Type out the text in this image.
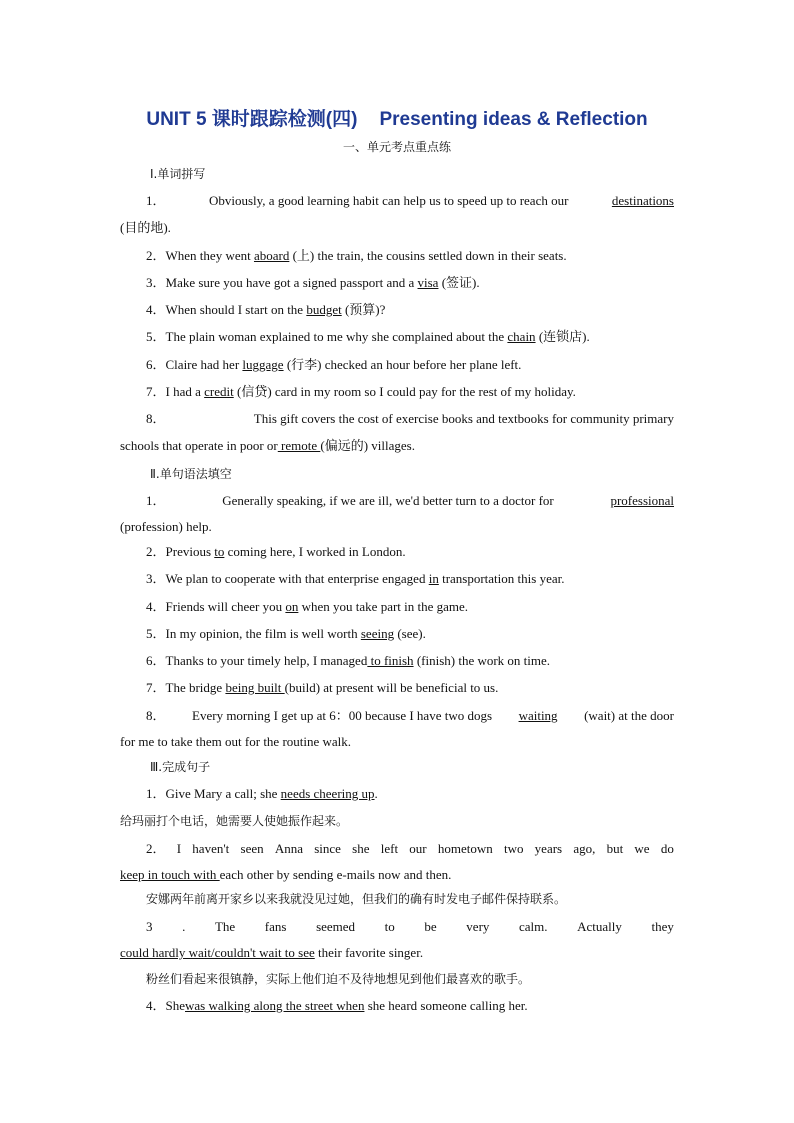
UNIT 5 课时跟踪检测(四) Presenting ideas & Reflection
一、单元考点重点练
Ⅰ.单词拼写
1．	Obviously, a good learning habit can help us to speed up to reach our	destinations
(目的地).
2．When they went aboard (上) the train, the cousins settled down in their seats.
3．Make sure you have got a signed passport and a visa (签证).
4．When should I start on the budget (预算)?
5．The plain woman explained to me why she complained about the chain (连锁店).
6．Claire had her luggage (行李) checked an hour before her plane left.
7．I had a credit (信贷) card in my room so I could pay for the rest of my holiday.
8．	This gift covers the cost of exercise books and textbooks for community primary
schools that operate in poor or remote (偏远的) villages.
Ⅱ.单句语法填空
1．	Generally speaking, if we are ill, we'd better turn to a doctor for	professional
(profession) help.
2．Previous to coming here, I worked in London.
3．We plan to cooperate with that enterprise engaged in transportation this year.
4．Friends will cheer you on when you take part in the game.
5．In my opinion, the film is well worth seeing (see).
6．Thanks to your timely help, I managed to finish (finish) the work on time.
7．The bridge being built (build) at present will be beneficial to us.
8． Every morning I get up at 6：00 because I have two dogs waiting (wait) at the door
for me to take them out for the routine walk.
Ⅲ.完成句子
1．Give Mary a call; she needs cheering up.
给玛丽打个电话，她需要人使她振作起来。
2． I haven't seen Anna since she left our hometown two years ago, but we do
keep in touch with each other by sending e-mails now and then.
安娜两年前离开家乡以来我就没见过她，但我们的确有时发电子邮件保持联系。
3 . The fans seemed to be very calm. Actually they
could hardly wait/couldn't wait to see their favorite singer.
粉丝们看起来很镇静，实际上他们迫不及待地想见到他们最喜欢的歌手。
4．Shewas walking along the street when she heard someone calling her.
